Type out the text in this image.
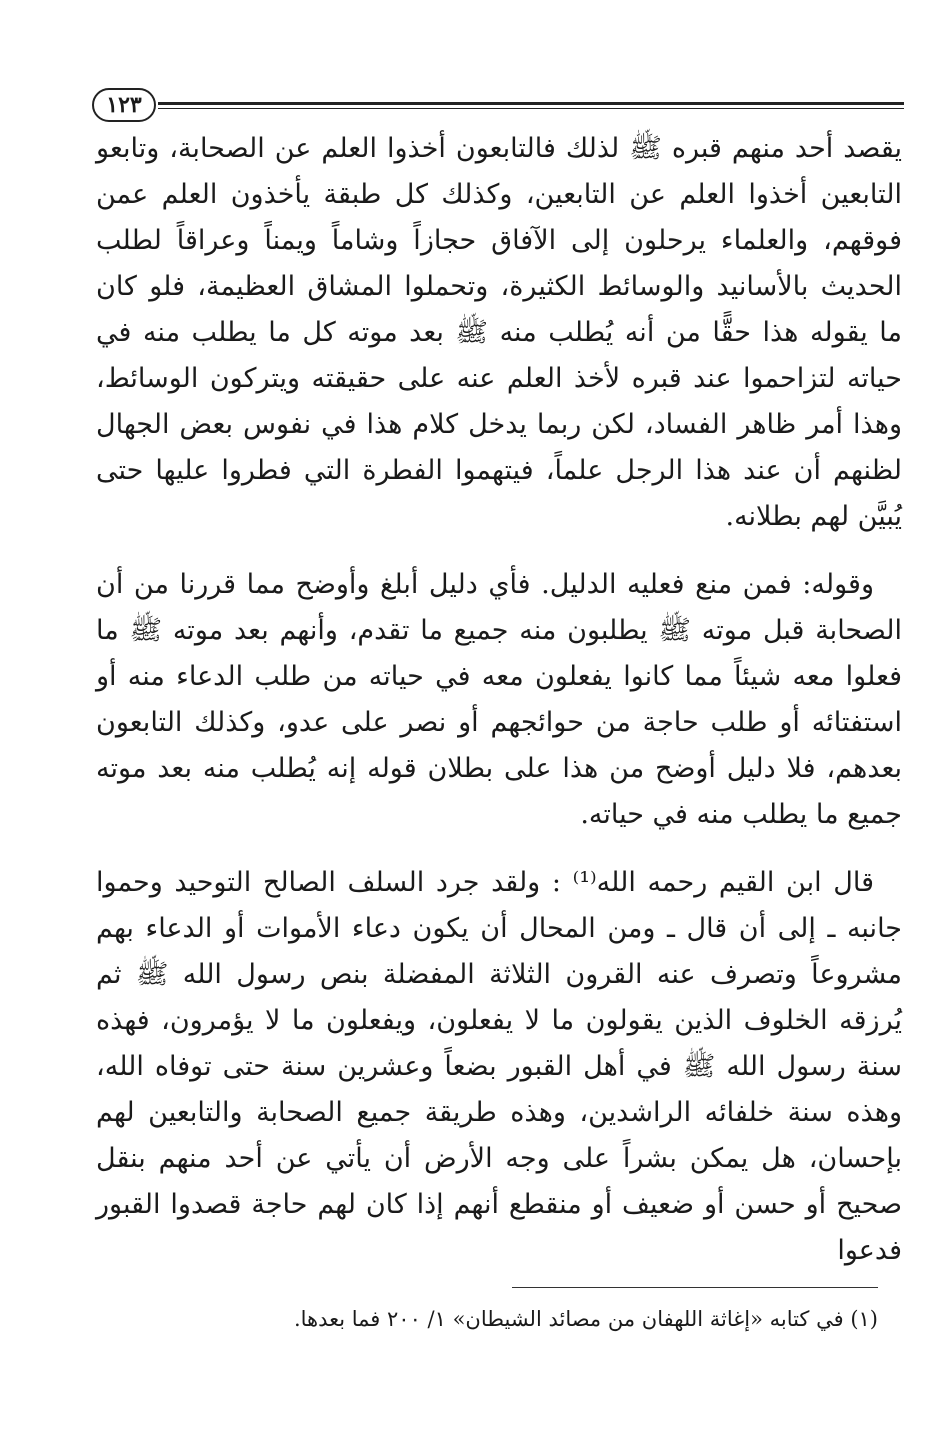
١٢٣

يقصد أحد منهم قبره ﷺ لذلك فالتابعون أخذوا العلم عن الصحابة، وتابعو التابعين أخذوا العلم عن التابعين، وكذلك كل طبقة يأخذون العلم عمن فوقهم، والعلماء يرحلون إلى الآفاق حجازاً وشاماً ويمناً وعراقاً لطلب الحديث بالأسانيد والوسائط الكثيرة، وتحملوا المشاق العظيمة، فلو كان ما يقوله هذا حقًّا من أنه يُطلب منه ﷺ بعد موته كل ما يطلب منه في حياته لتزاحموا عند قبره لأخذ العلم عنه على حقيقته ويتركون الوسائط، وهذا أمر ظاهر الفساد، لكن ربما يدخل كلام هذا في نفوس بعض الجهال لظنهم أن عند هذا الرجل علماً، فيتهموا الفطرة التي فطروا عليها حتى يُبيَّن لهم بطلانه.

وقوله: فمن منع فعليه الدليل. فأي دليل أبلغ وأوضح مما قررنا من أن الصحابة قبل موته ﷺ يطلبون منه جميع ما تقدم، وأنهم بعد موته ﷺ ما فعلوا معه شيئاً مما كانوا يفعلون معه في حياته من طلب الدعاء منه أو استفتائه أو طلب حاجة من حوائجهم أو نصر على عدو، وكذلك التابعون بعدهم، فلا دليل أوضح من هذا على بطلان قوله إنه يُطلب منه بعد موته جميع ما يطلب منه في حياته.

قال ابن القيم رحمه الله⁽¹⁾ : ولقد جرد السلف الصالح التوحيد وحموا جانبه ـ إلى أن قال ـ ومن المحال أن يكون دعاء الأموات أو الدعاء بهم مشروعاً وتصرف عنه القرون الثلاثة المفضلة بنص رسول الله ﷺ ثم يُرزقه الخلوف الذين يقولون ما لا يفعلون، ويفعلون ما لا يؤمرون، فهذه سنة رسول الله ﷺ في أهل القبور بضعاً وعشرين سنة حتى توفاه الله، وهذه سنة خلفائه الراشدين، وهذه طريقة جميع الصحابة والتابعين لهم بإحسان، هل يمكن بشراً على وجه الأرض أن يأتي عن أحد منهم بنقل صحيح أو حسن أو ضعيف أو منقطع أنهم إذا كان لهم حاجة قصدوا القبور فدعوا

(١) في كتابه «إغاثة اللهفان من مصائد الشيطان» ١/ ٢٠٠ فما بعدها.
